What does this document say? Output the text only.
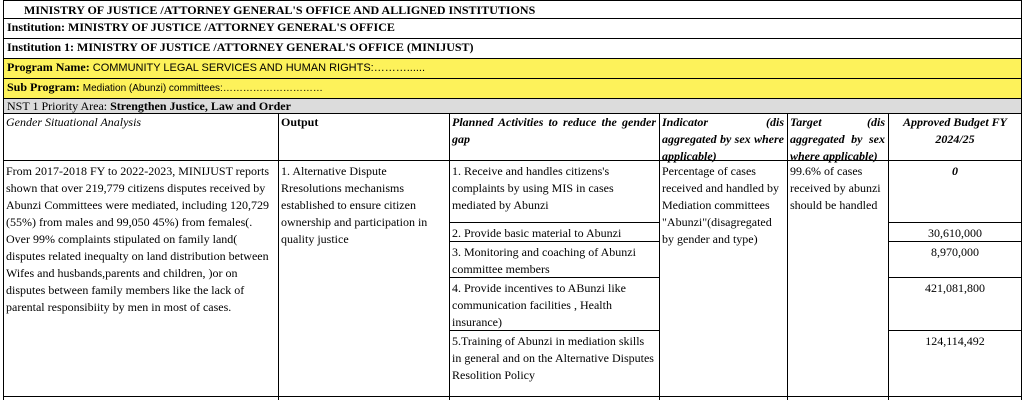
MINISTRY OF JUSTICE /ATTORNEY GENERAL'S OFFICE AND ALLIGNED INSTITUTIONS
Institution: MINISTRY OF JUSTICE /ATTORNEY GENERAL'S OFFICE
Institution 1: MINISTRY OF JUSTICE /ATTORNEY GENERAL'S OFFICE (MINIJUST)
Program Name: COMMUNITY LEGAL SERVICES AND HUMAN RIGHTS:………......
Sub Program: Mediation (Abunzi) committees:…………………………
NST 1 Priority Area: Strengthen Justice, Law and Order
Gender Situational Analysis	Output	Planned Activities to reduce the gender gap
Indicator (dis aggregated by sex where applicable)
Target (dis aggregated by sex where applicable)
Approved Budget FY 2024/25
From 2017-2018 FY to 2022-2023, MINIJUST reports shown that over 219,779 citizens disputes received by Abunzi Committees were mediated, including 120,729 (55%) from males and 99,050 45%) from females(. Over 99% complaints stipulated on family land( disputes related inequalty on land distribution between Wifes and husbands,parents and children, )or on disputes between family members like the lack of parental responsibiity by men in most of cases.
1. Alternative Dispute Rresolutions mechanisms established to ensure citizen ownership and participation in quality justice
1. Receive and handles citizens's complaints by using MIS in cases mediated by Abunzi
2. Provide basic material to Abunzi
3. Monitoring and coaching of Abunzi committee members
4. Provide incentives to ABunzi like communication facilities , Health insurance)
5.Training of Abunzi in mediation skills in general and on the Alternative Disputes Resolition Policy
Percentage of cases received and handled by Mediation committees "Abunzi"(disagregated by gender and type)
99.6% of cases received by abunzi should be handled
0
30,610,000
8,970,000
421,081,800
124,114,492
